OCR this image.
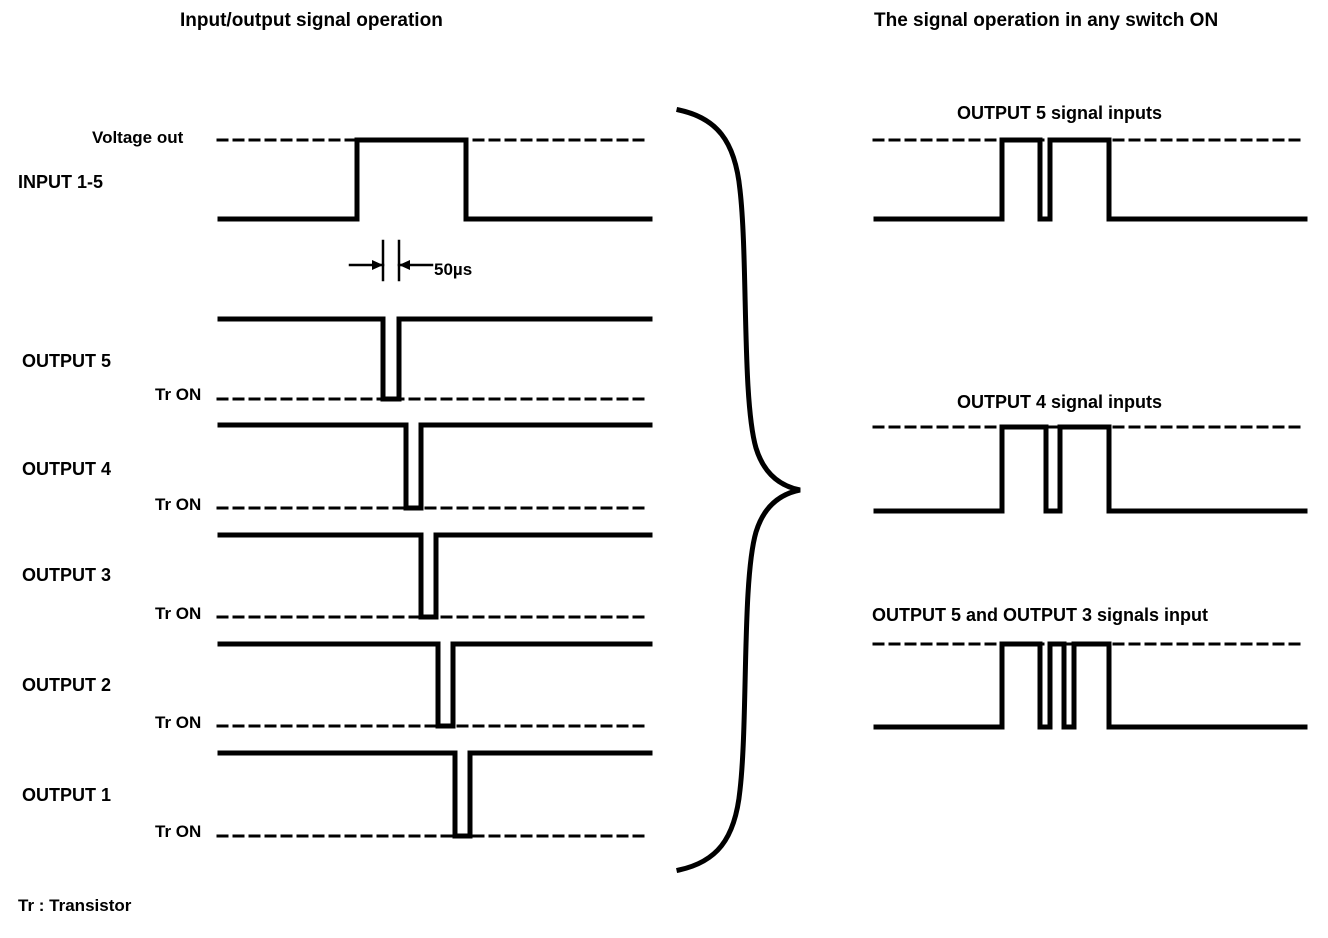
Input/output signal operation	The signal operation in any switch ON
INPUT 1-5
OUTPUT 5
OUTPUT 4
OUTPUT 3
OUTPUT 2
OUTPUT 1
Voltage out
Tr ON
Tr ON
Tr ON
Tr ON
Tr ON
50µs
OUTPUT 5 signal inputs
OUTPUT 4 signal inputs
OUTPUT 5 and OUTPUT 3 signals input
Tr : Transistor
